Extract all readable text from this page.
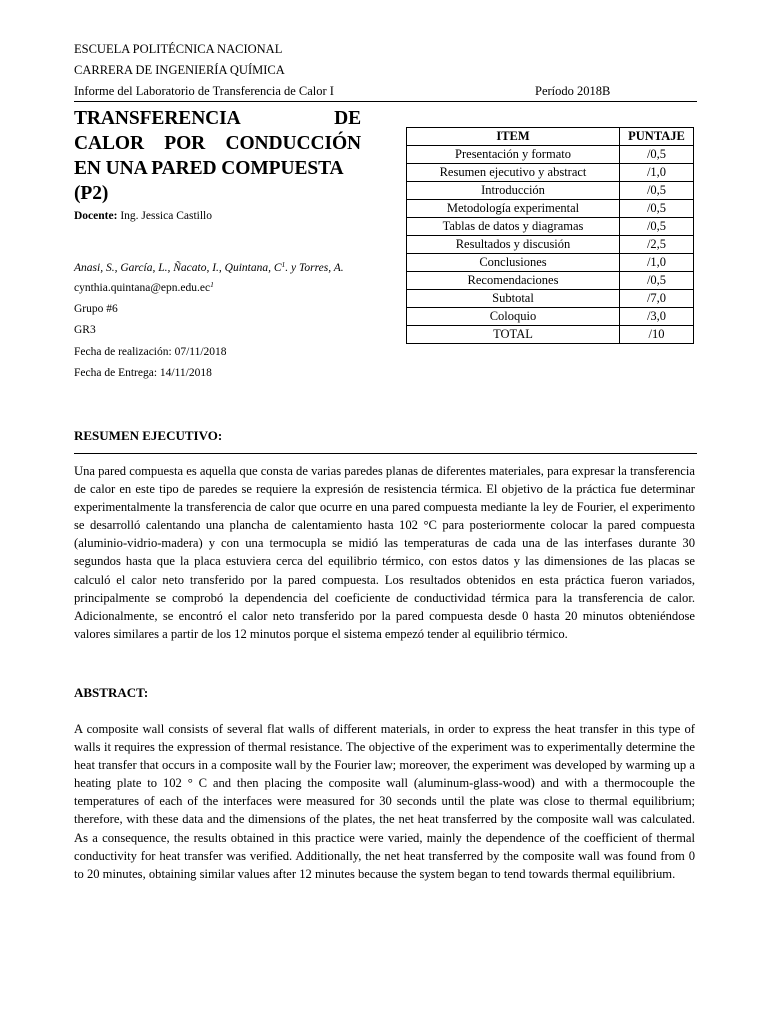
ESCUELA POLITÉCNICA NACIONAL
CARRERA DE INGENIERÍA QUÍMICA
Informe del Laboratorio de Transferencia de Calor I	Período 2018B
TRANSFERENCIA DE
CALOR POR CONDUCCIÓN
EN UNA PARED COMPUESTA
(P2)
Docente: Ing. Jessica Castillo
Anasi, S., García, L., Ñacato, I., Quintana, $C^1$. y Torres, A.
$cynthia.quintana@epn.edu.ec^1$
Grupo #6
GR3
Fecha de realización: 07/11/2018
Fecha de Entrega: 14/11/2018
ITEM	PUNTAJE
Presentación y formato	/0,5
Resumen ejecutivo y abstract	/1,0
Introducción	/0,5
Metodología experimental	/0,5
Tablas de datos y diagramas	/0,5
Resultados y discusión	/2,5
Conclusiones	/1,0
Recomendaciones	/0,5
Subtotal	/7,0
Coloquio	/3,0
TOTAL	/10
RESUMEN EJECUTIVO:
Una pared compuesta es aquella que consta de varias paredes planas de diferentes materiales, para expresar la transferencia de calor en este tipo de paredes se requiere la expresión de resistencia térmica. El objetivo de la práctica fue determinar experimentalmente la transferencia de calor que ocurre en una pared compuesta mediante la ley de Fourier, el experimento se desarrolló calentando una plancha de calentamiento hasta 102 °C para posteriormente colocar la pared compuesta (aluminio-vidrio-madera) y con una termocupla se midió las temperaturas de cada una de las interfases durante 30 segundos hasta que la placa estuviera cerca del equilibrio térmico, con estos datos y las dimensiones de las placas se calculó el calor neto transferido por la pared compuesta. Los resultados obtenidos en esta práctica fueron variados, principalmente se comprobó la dependencia del coeficiente de conductividad térmica para la transferencia de calor. Adicionalmente, se encontró el calor neto transferido por la pared compuesta desde 0 hasta 20 minutos obteniéndose valores similares a partir de los 12 minutos porque el sistema empezó tender al equilibrio térmico.
ABSTRACT:
A composite wall consists of several flat walls of different materials, in order to express the heat transfer in this type of walls it requires the expression of thermal resistance. The objective of the experiment was to experimentally determine the heat transfer that occurs in a composite wall by the Fourier law; moreover, the experiment was developed by warming up a heating plate to 102 ° C and then placing the composite wall (aluminum-glass-wood) and with a thermocouple the temperatures of each of the interfaces were measured for 30 seconds until the plate was close to thermal equilibrium; therefore, with these data and the dimensions of the plates, the net heat transferred by the composite wall was calculated. As a consequence, the results obtained in this practice were varied, mainly the dependence of the coefficient of thermal conductivity for heat transfer was verified. Additionally, the net heat transferred by the composite wall was found from 0 to 20 minutes, obtaining similar values after 12 minutes because the system began to tend towards thermal equilibrium.
